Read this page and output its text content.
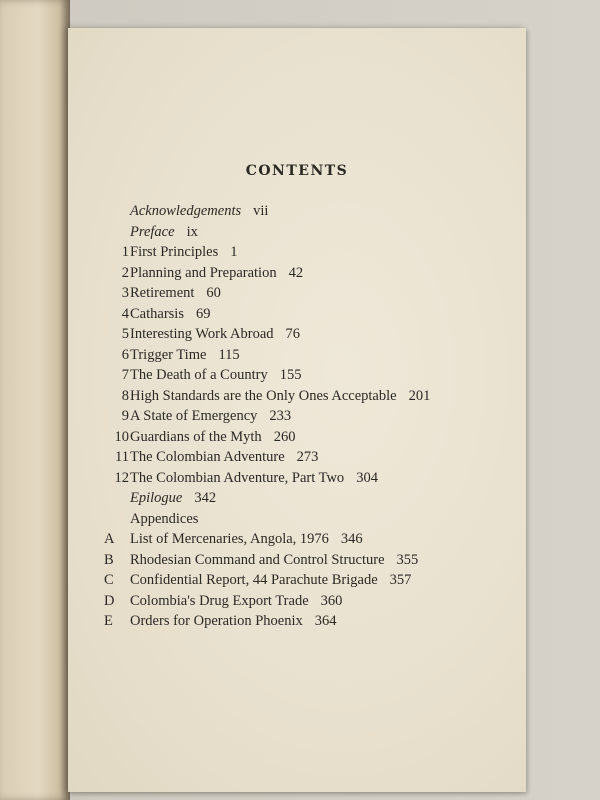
CONTENTS
Acknowledgements vii
Preface ix
1 First Principles 1
2 Planning and Preparation 42
3 Retirement 60
4 Catharsis 69
5 Interesting Work Abroad 76
6 Trigger Time 115
7 The Death of a Country 155
8 High Standards are the Only Ones Acceptable 201
9 A State of Emergency 233
10 Guardians of the Myth 260
11 The Colombian Adventure 273
12 The Colombian Adventure, Part Two 304
Epilogue 342
Appendices
A	List of Mercenaries, Angola, 1976 346
B	Rhodesian Command and Control Structure 355
C	Confidential Report, 44 Parachute Brigade 357
D	Colombia's Drug Export Trade 360
E	Orders for Operation Phoenix 364
